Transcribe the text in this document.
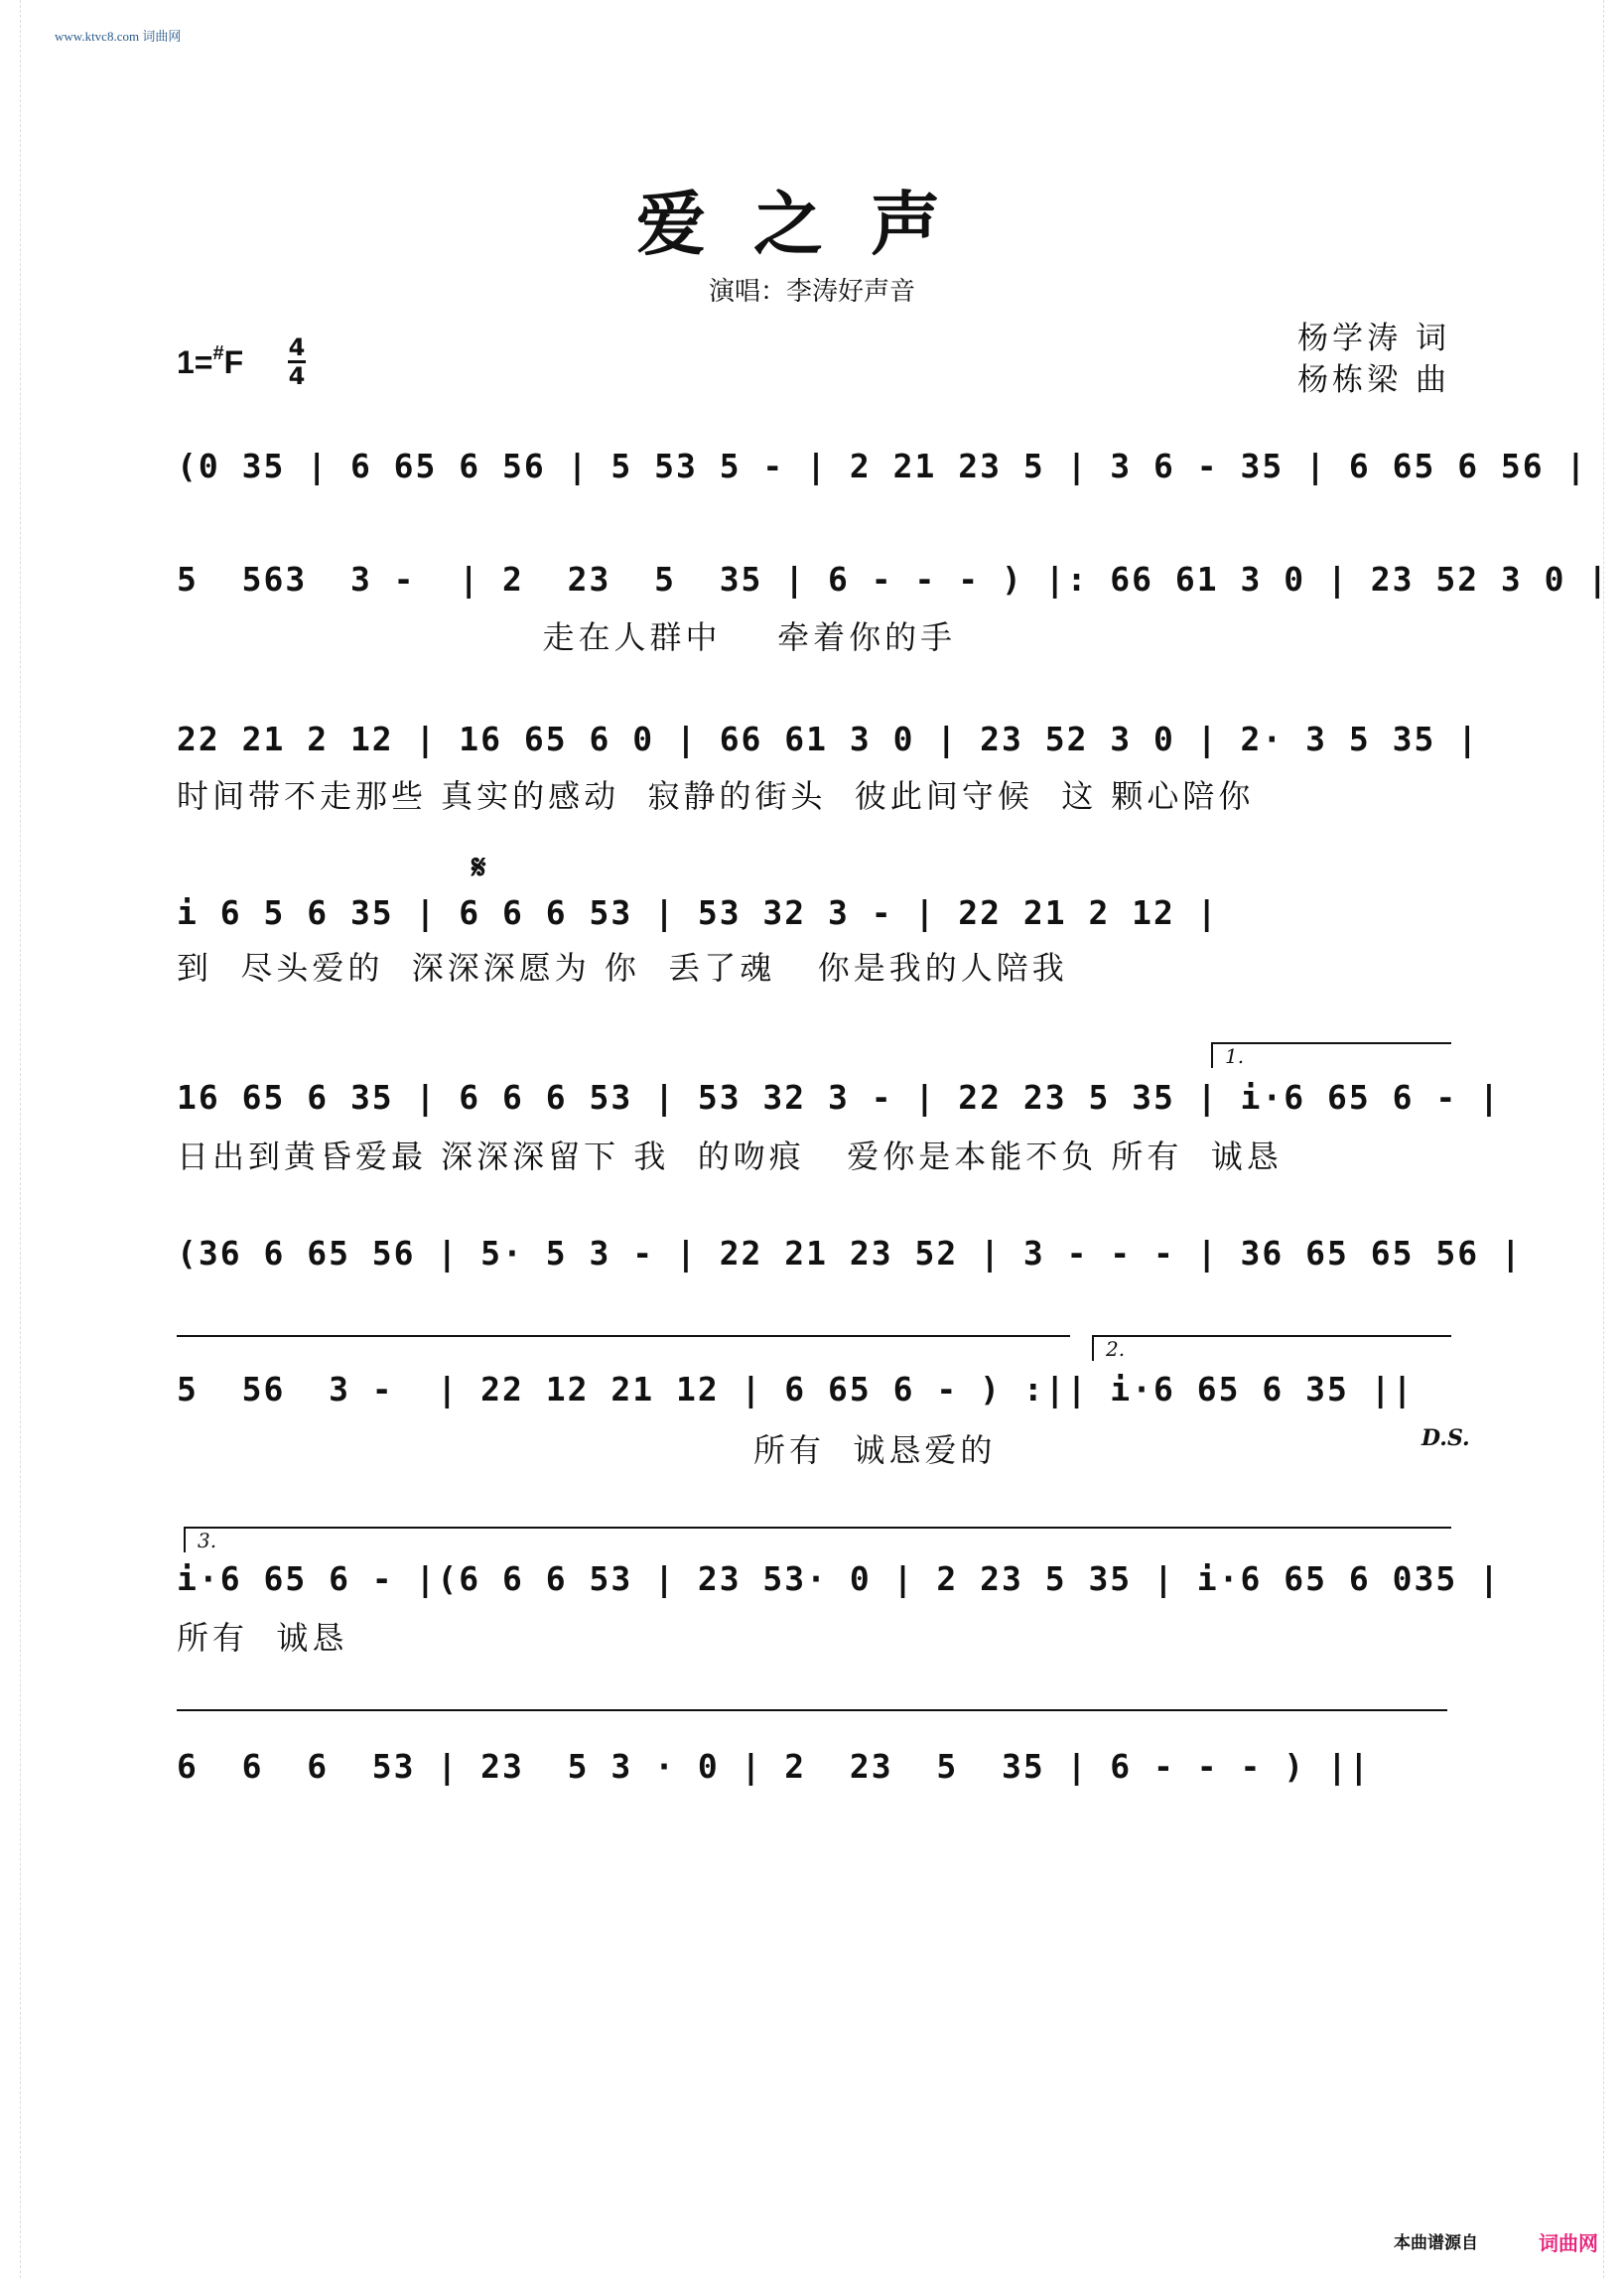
www.ktvc8.com 词曲网
爱之声
演唱：李涛好声音
杨学涛 词
杨栋梁 曲
1=#F 4
4
(0 35 | 6 65 6 56 | 5 53 5 - | 2 21 23 5 | 3 6 - 35 | 6 65 6 56 |
5  563  3 -  | 2  23  5  35 | 6 - - - ) |: 66 61 3 0 | 23 52 3 0 |
走在人群中    牵着你的手
22 21 2 12 | 16 65 6 0 | 66 61 3 0 | 23 52 3 0 | 2· 3 5 35 |
时间带不走那些 真实的感动  寂静的街头  彼此间守候  这 颗心陪你
𝄋
i 6 5 6 35 | 6 6 6 53 | 53 32 3 - | 22 21 2 12 |
到  尽头爱的  深深深愿为 你  丢了魂   你是我的人陪我
1.
16 65 6 35 | 6 6 6 53 | 53 32 3 - | 22 23 5 35 | i·6 65 6 - |
日出到黄昏爱最 深深深留下 我  的吻痕   爱你是本能不负 所有  诚恳
(36 6 65 56 | 5· 5 3 - | 22 21 23 52 | 3 - - - | 36 65 65 56 |
2.
5  56  3 -  | 22 12 21 12 | 6 65 6 - ) :|| i·6 65 6 35 ||
所有  诚恳爱的	D.S.
3.
i·6 65 6 - |(6 6 6 53 | 23 53· 0 | 2 23 5 35 | i·6 65 6 035 |
所有  诚恳
6  6  6  53 | 23  5 3 · 0 | 2  23  5  35 | 6 - - - ) ||
本曲谱源自	词曲网
